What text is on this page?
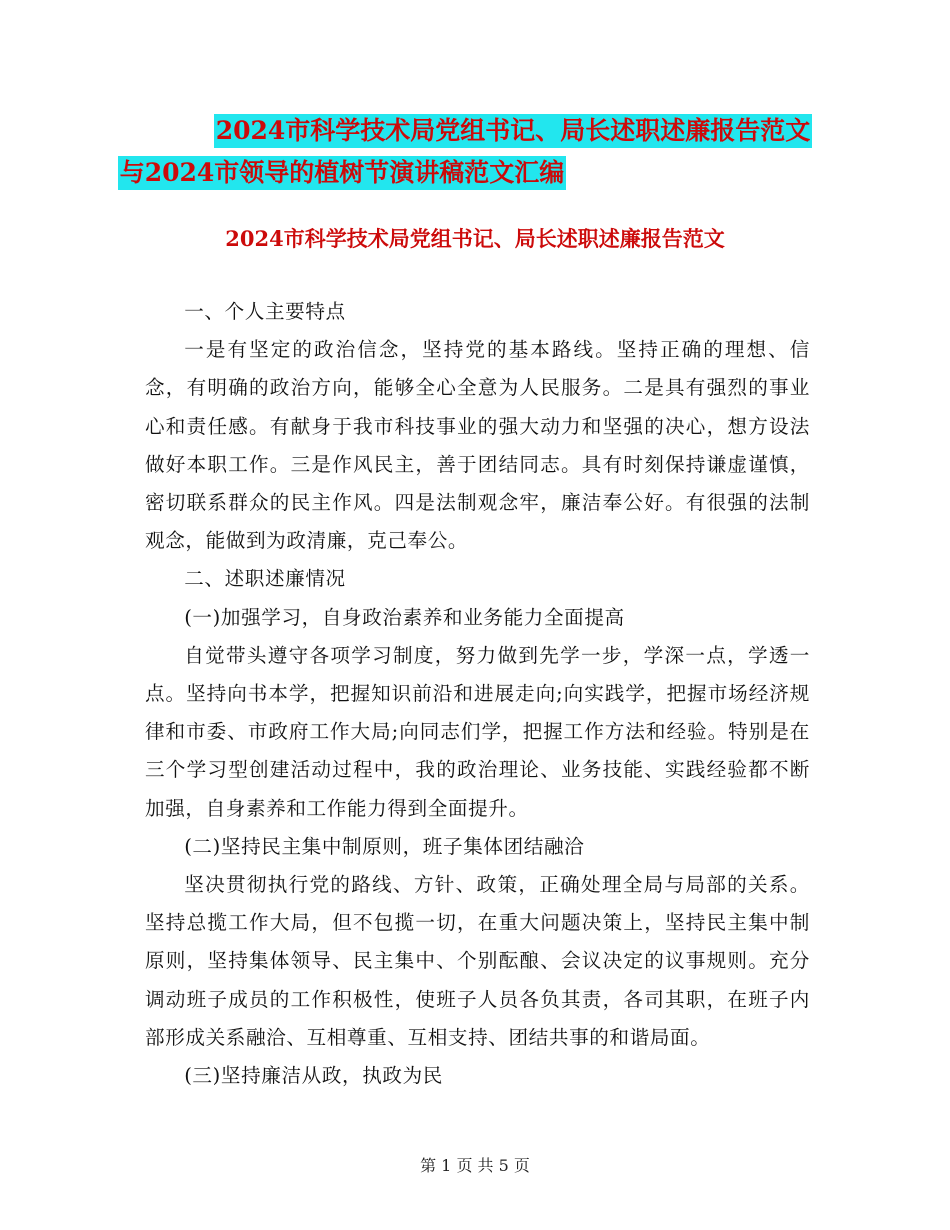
2024市科学技术局党组书记、局长述职述廉报告范文
与2024市领导的植树节演讲稿范文汇编
2024市科学技术局党组书记、局长述职述廉报告范文

一、个人主要特点

一是有坚定的政治信念，坚持党的基本路线。坚持正确的理想、信念，有明确的政治方向，能够全心全意为人民服务。二是具有强烈的事业心和责任感。有献身于我市科技事业的强大动力和坚强的决心，想方设法做好本职工作。三是作风民主，善于团结同志。具有时刻保持谦虚谨慎，密切联系群众的民主作风。四是法制观念牢，廉洁奉公好。有很强的法制观念，能做到为政清廉，克己奉公。

二、述职述廉情况

(一)加强学习，自身政治素养和业务能力全面提高

自觉带头遵守各项学习制度，努力做到先学一步，学深一点，学透一点。坚持向书本学，把握知识前沿和进展走向;向实践学，把握市场经济规律和市委、市政府工作大局;向同志们学，把握工作方法和经验。特别是在三个学习型创建活动过程中，我的政治理论、业务技能、实践经验都不断加强，自身素养和工作能力得到全面提升。

(二)坚持民主集中制原则，班子集体团结融洽

坚决贯彻执行党的路线、方针、政策，正确处理全局与局部的关系。坚持总揽工作大局，但不包揽一切，在重大问题决策上，坚持民主集中制原则，坚持集体领导、民主集中、个别酝酿、会议决定的议事规则。充分调动班子成员的工作积极性，使班子人员各负其责，各司其职，在班子内部形成关系融洽、互相尊重、互相支持、团结共事的和谐局面。

(三)坚持廉洁从政，执政为民

第 1 页 共 5 页
